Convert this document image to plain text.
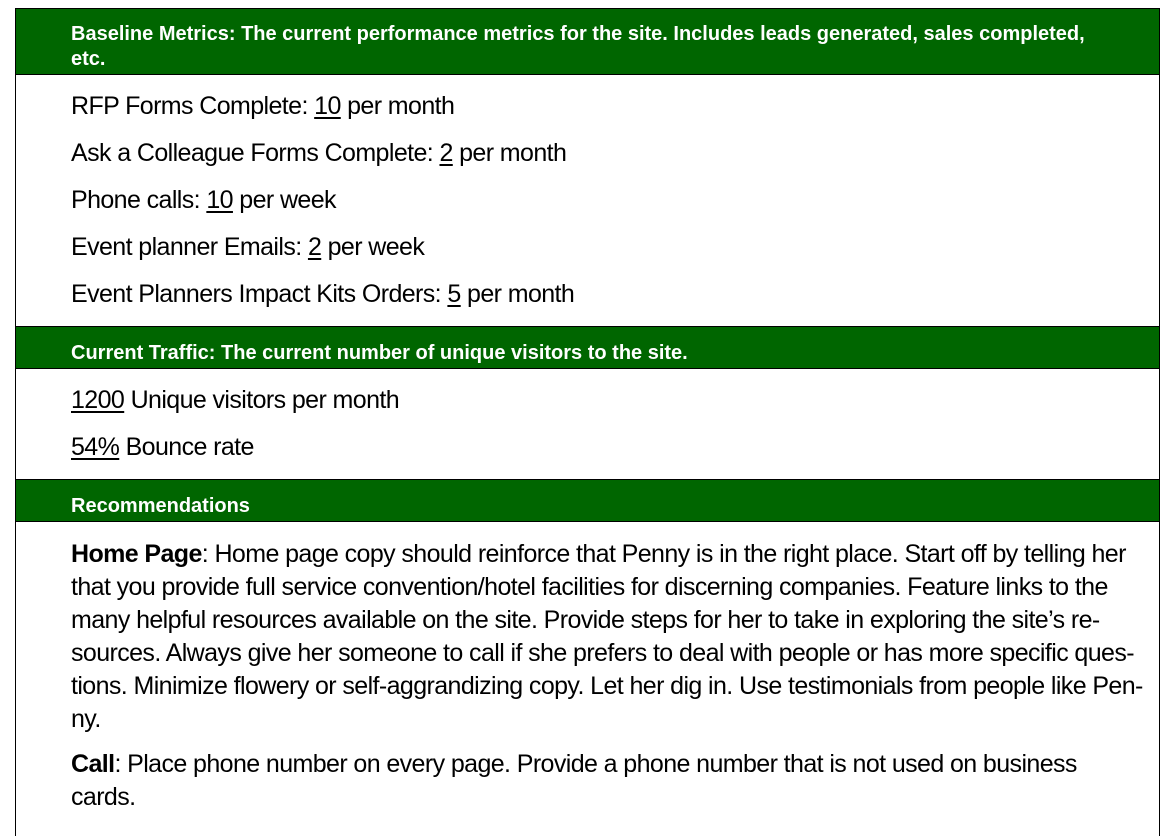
Baseline Metrics: The current performance metrics for the site. Includes leads generated, sales completed, etc.
RFP Forms Complete: 10 per month
Ask a Colleague Forms Complete: 2 per month
Phone calls: 10 per week
Event planner Emails: 2 per week
Event Planners Impact Kits Orders: 5 per month
Current Traffic: The current number of unique visitors to the site.
1200 Unique visitors per month
54% Bounce rate
Recommendations
Home Page: Home page copy should reinforce that Penny is in the right place. Start off by telling her that you provide full service convention/hotel facilities for discerning companies. Feature links to the many helpful resources available on the site. Provide steps for her to take in exploring the site’s re-sources. Always give her someone to call if she prefers to deal with people or has more specific ques-tions. Minimize flowery or self-aggrandizing copy. Let her dig in. Use testimonials from people like Pen-ny.
Call: Place phone number on every page. Provide a phone number that is not used on business cards.
